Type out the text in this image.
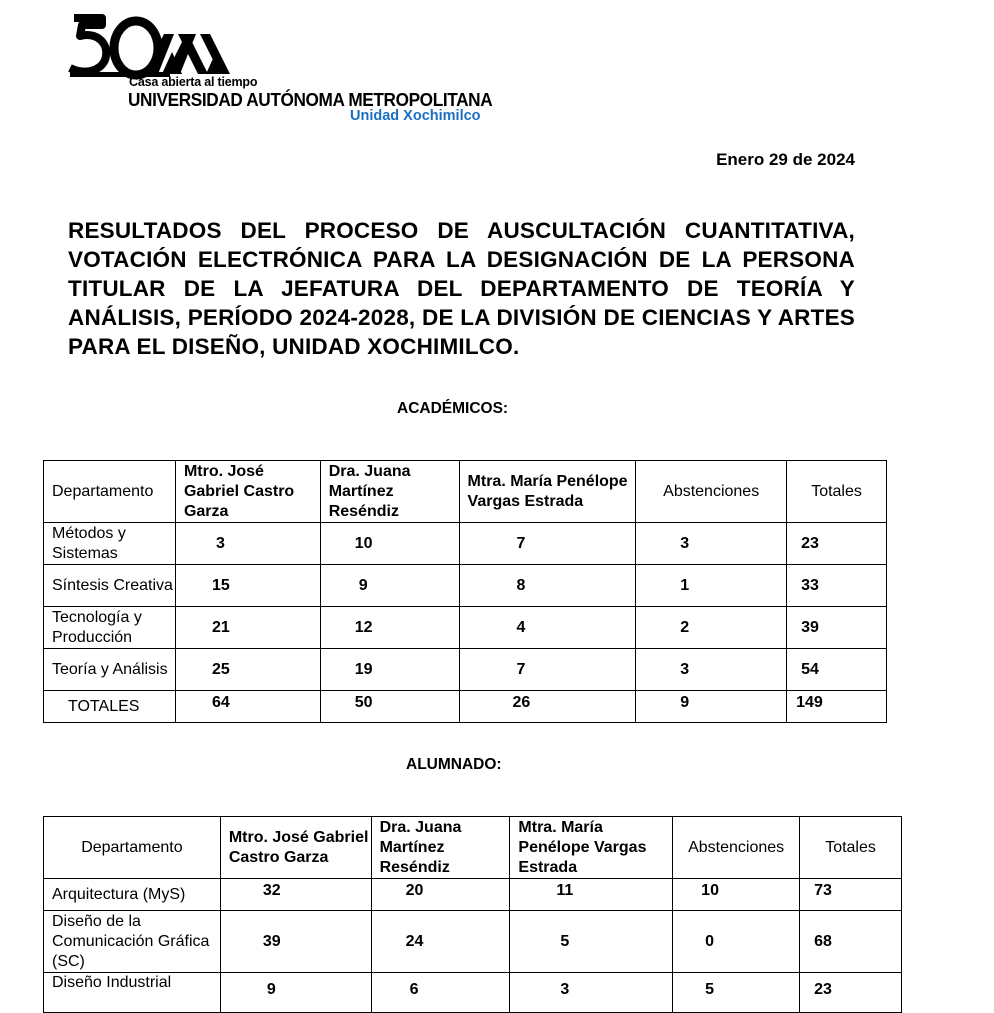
Casa abierta al tiempo
UNIVERSIDAD AUTÓNOMA METROPOLITANA
Unidad Xochimilco
Enero 29 de 2024
RESULTADOS DEL PROCESO DE AUSCULTACIÓN CUANTITATIVA, VOTACIÓN ELECTRÓNICA PARA LA DESIGNACIÓN DE LA PERSONA TITULAR DE LA JEFATURA DEL DEPARTAMENTO DE TEORÍA Y ANÁLISIS, PERÍODO 2024-2028, DE LA DIVISIÓN DE CIENCIAS Y ARTES PARA EL DISEÑO, UNIDAD XOCHIMILCO.
ACADÉMICOS:
Departamento	Mtro. José Gabriel Castro Garza	Dra. Juana Martínez Reséndiz	Mtra. María Penélope Vargas Estrada	Abstenciones	Totales
Métodos y Sistemas	3	10	7	3	23
Síntesis Creativa	15	9	8	1	33
Tecnología y Producción	21	12	4	2	39
Teoría y Análisis	25	19	7	3	54
TOTALES	64	50	26	9	149
ALUMNADO:
Departamento	Mtro. José Gabriel Castro Garza	Dra. Juana Martínez Reséndiz	Mtra. María Penélope Vargas Estrada	Abstenciones	Totales
Arquitectura (MyS)	32	20	11	10	73
Diseño de la Comunicación Gráfica (SC)	39	24	5	0	68
Diseño Industrial	9	6	3	5	23
